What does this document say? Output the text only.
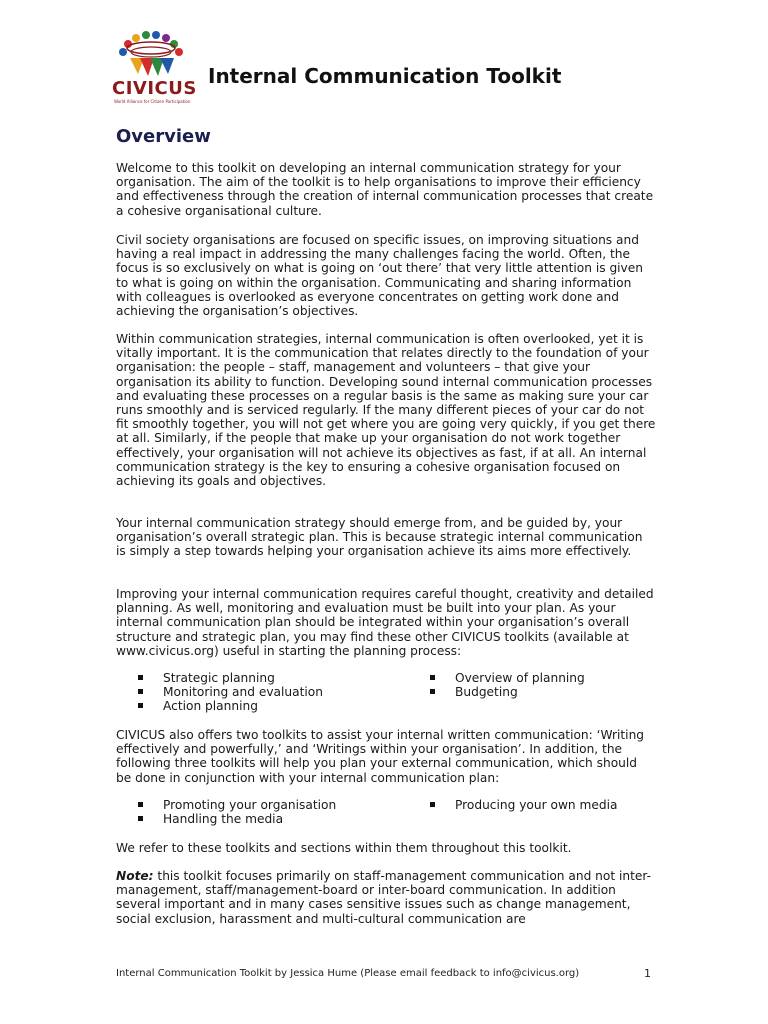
CIVICUS
World Alliance for Citizen Participation
Internal Communication Toolkit
Overview

Welcome to this toolkit on developing an internal communication strategy for your organisation. The aim of the toolkit is to help organisations to improve their efficiency and effectiveness through the creation of internal communication processes that create a cohesive organisational culture.

Civil society organisations are focused on specific issues, on improving situations and having a real impact in addressing the many challenges facing the world. Often, the focus is so exclusively on what is going on ‘out there’ that very little attention is given to what is going on within the organisation. Communicating and sharing information with colleagues is overlooked as everyone concentrates on getting work done and achieving the organisation’s objectives.

Within communication strategies, internal communication is often overlooked, yet it is vitally important. It is the communication that relates directly to the foundation of your organisation: the people – staff, management and volunteers – that give your organisation its ability to function. Developing sound internal communication processes and evaluating these processes on a regular basis is the same as making sure your car runs smoothly and is serviced regularly. If the many different pieces of your car do not fit smoothly together, you will not get where you are going very quickly, if you get there at all. Similarly, if the people that make up your organisation do not work together effectively, your organisation will not achieve its objectives as fast, if at all. An internal communication strategy is the key to ensuring a cohesive organisation focused on achieving its goals and objectives.

Your internal communication strategy should emerge from, and be guided by, your organisation’s overall strategic plan. This is because strategic internal communication is simply a step towards helping your organisation achieve its aims more effectively.

Improving your internal communication requires careful thought, creativity and detailed planning. As well, monitoring and evaluation must be built into your plan. As your internal communication plan should be integrated within your organisation’s overall structure and strategic plan, you may find these other CIVICUS toolkits (available at www.civicus.org) useful in starting the planning process:

Strategic planning
Monitoring and evaluation
Action planning
Overview of planning
Budgeting

CIVICUS also offers two toolkits to assist your internal written communication: ‘Writing effectively and powerfully,’ and ‘Writings within your organisation’. In addition, the following three toolkits will help you plan your external communication, which should be done in conjunction with your internal communication plan:

Promoting your organisation
Handling the media
Producing your own media

We refer to these toolkits and sections within them throughout this toolkit.

Note: this toolkit focuses primarily on staff-management communication and not inter-management, staff/management-board or inter-board communication. In addition several important and in many cases sensitive issues such as change management, social exclusion, harassment and multi-cultural communication are

Internal Communication Toolkit by Jessica Hume (Please email feedback to info@civicus.org)	1
